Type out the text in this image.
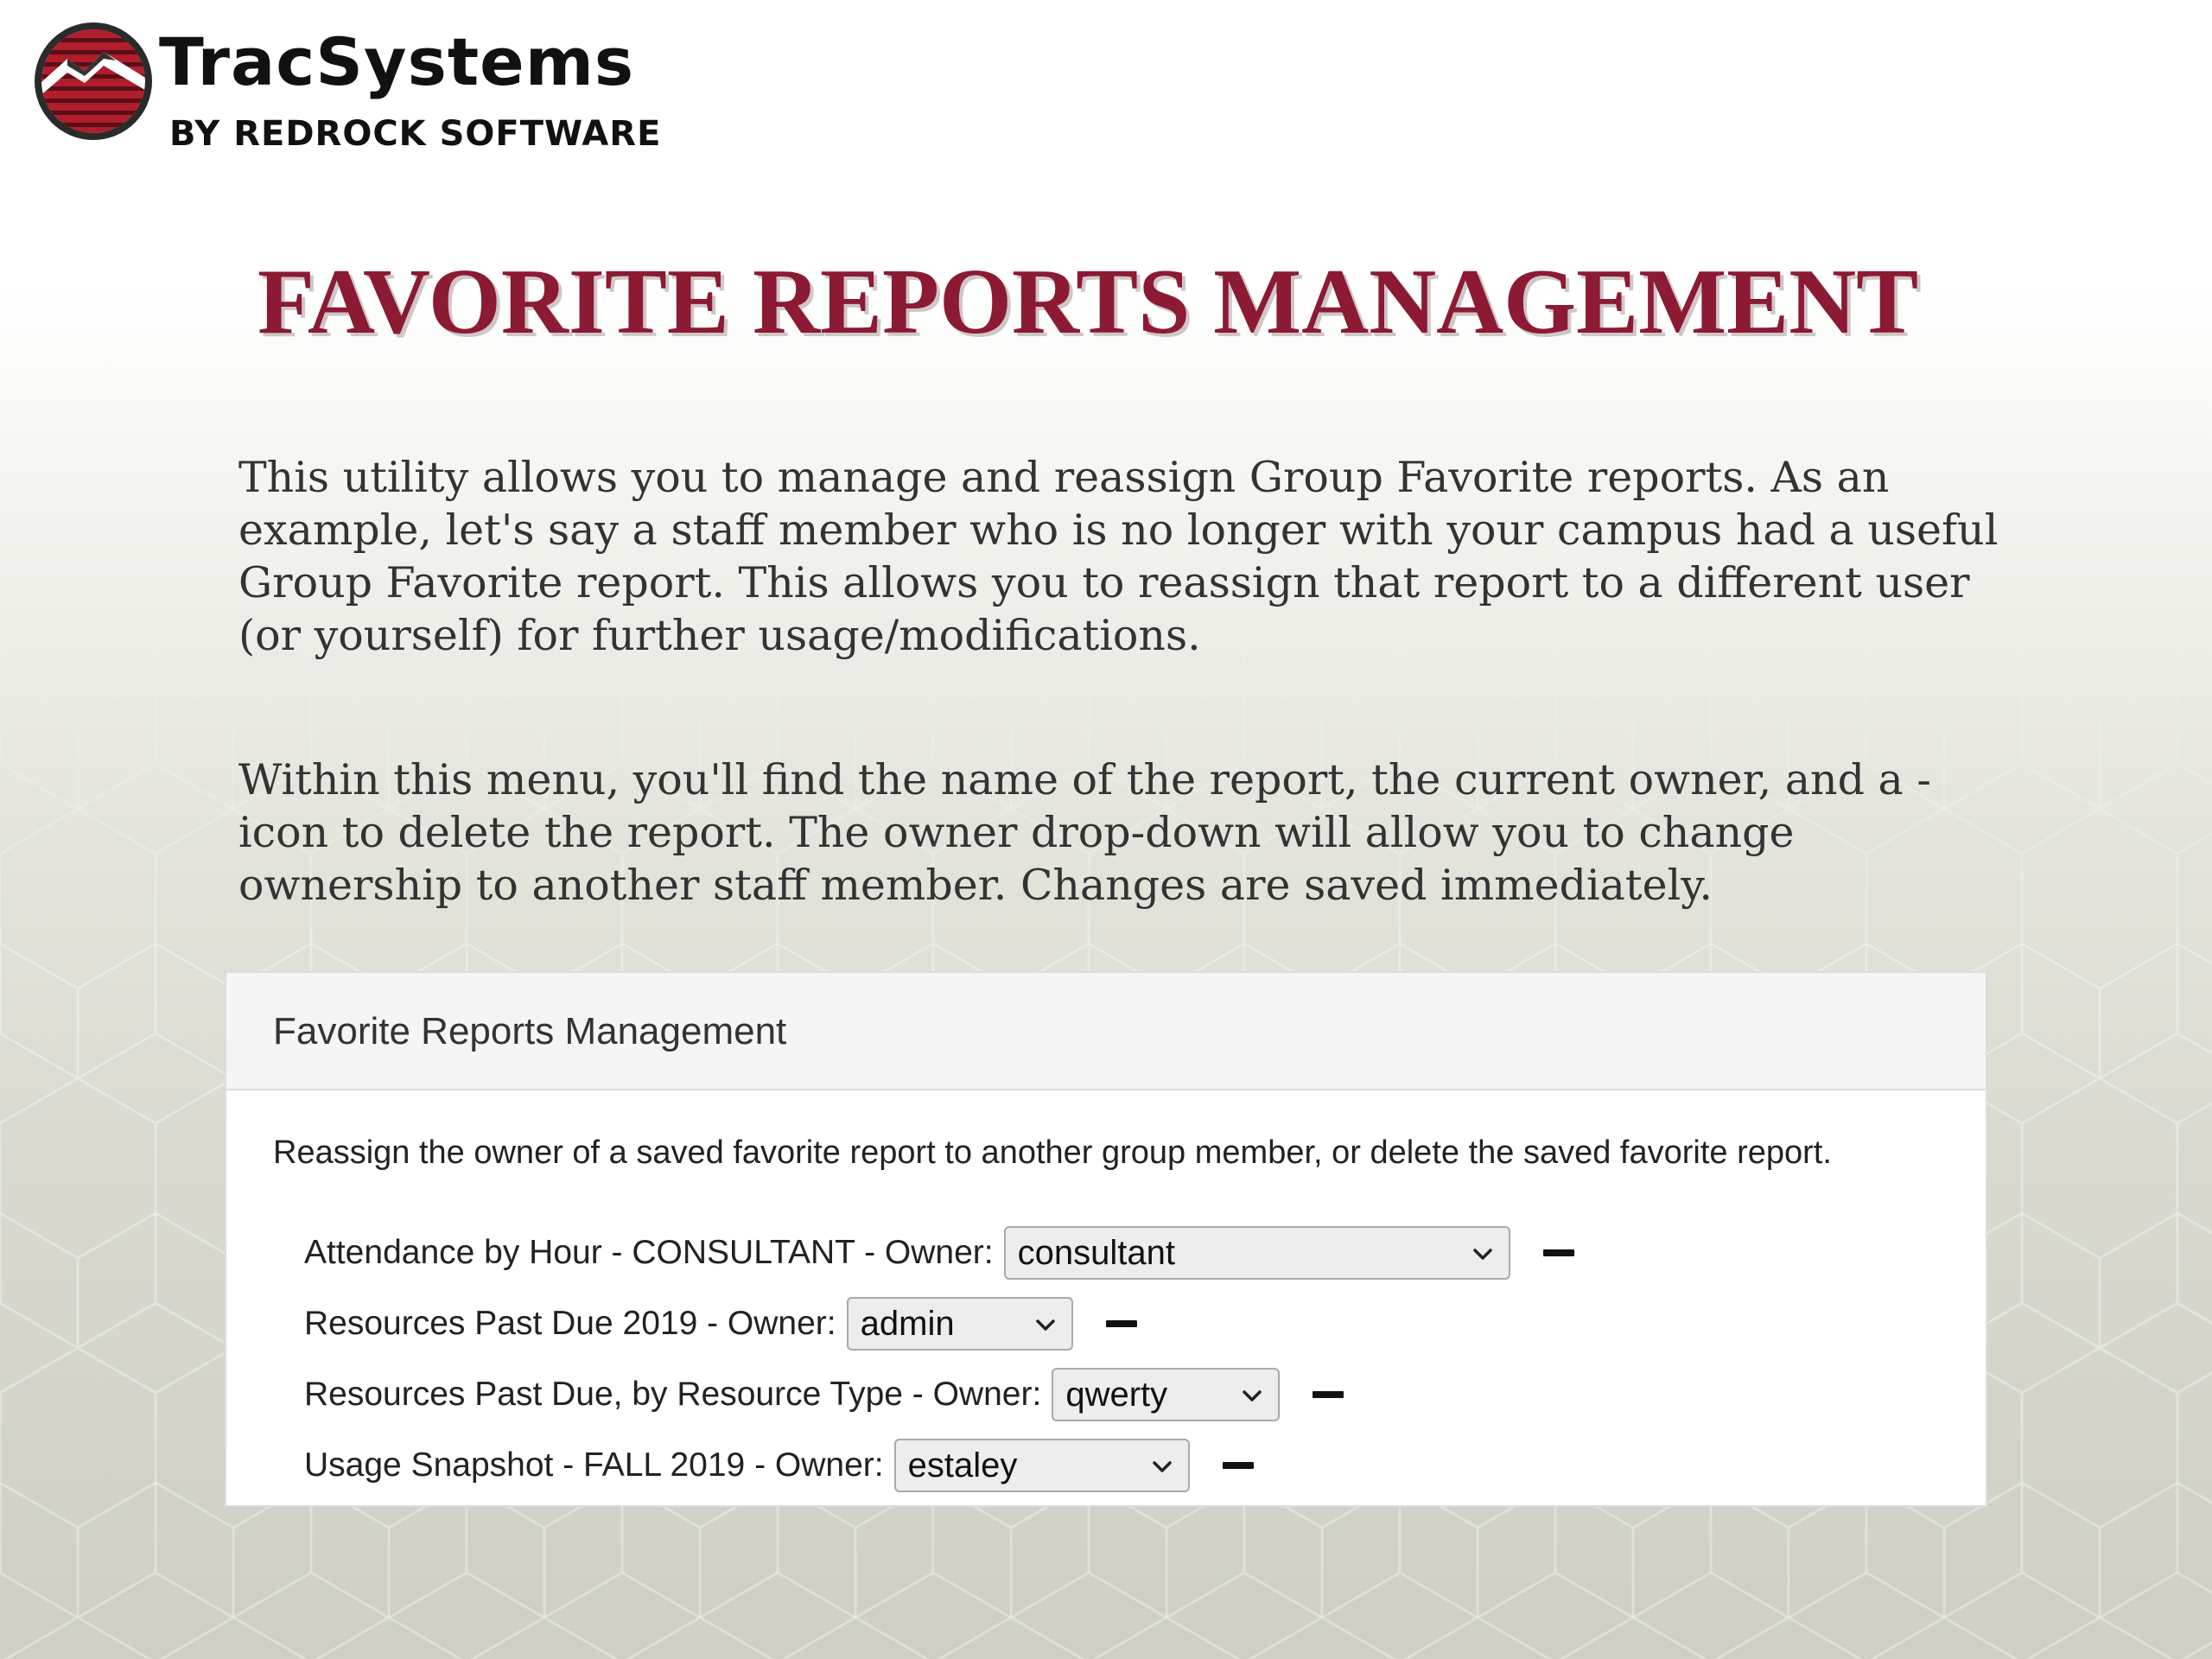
TracSystems
BY REDROCK SOFTWARE
FAVORITE REPORTS MANAGEMENT

This utility allows you to manage and reassign Group Favorite reports. As an example, let's say a staff member who is no longer with your campus had a useful Group Favorite report. This allows you to reassign that report to a different user (or yourself) for further usage/modifications.

Within this menu, you'll find the name of the report, the current owner, and a - icon to delete the report. The owner drop-down will allow you to change ownership to another staff member. Changes are saved immediately.

Favorite Reports Management
Reassign the owner of a saved favorite report to another group member, or delete the saved favorite report.
Attendance by Hour - CONSULTANT - Owner: consultant
Resources Past Due 2019 - Owner: admin
Resources Past Due, by Resource Type - Owner: qwerty
Usage Snapshot - FALL 2019 - Owner: estaley
